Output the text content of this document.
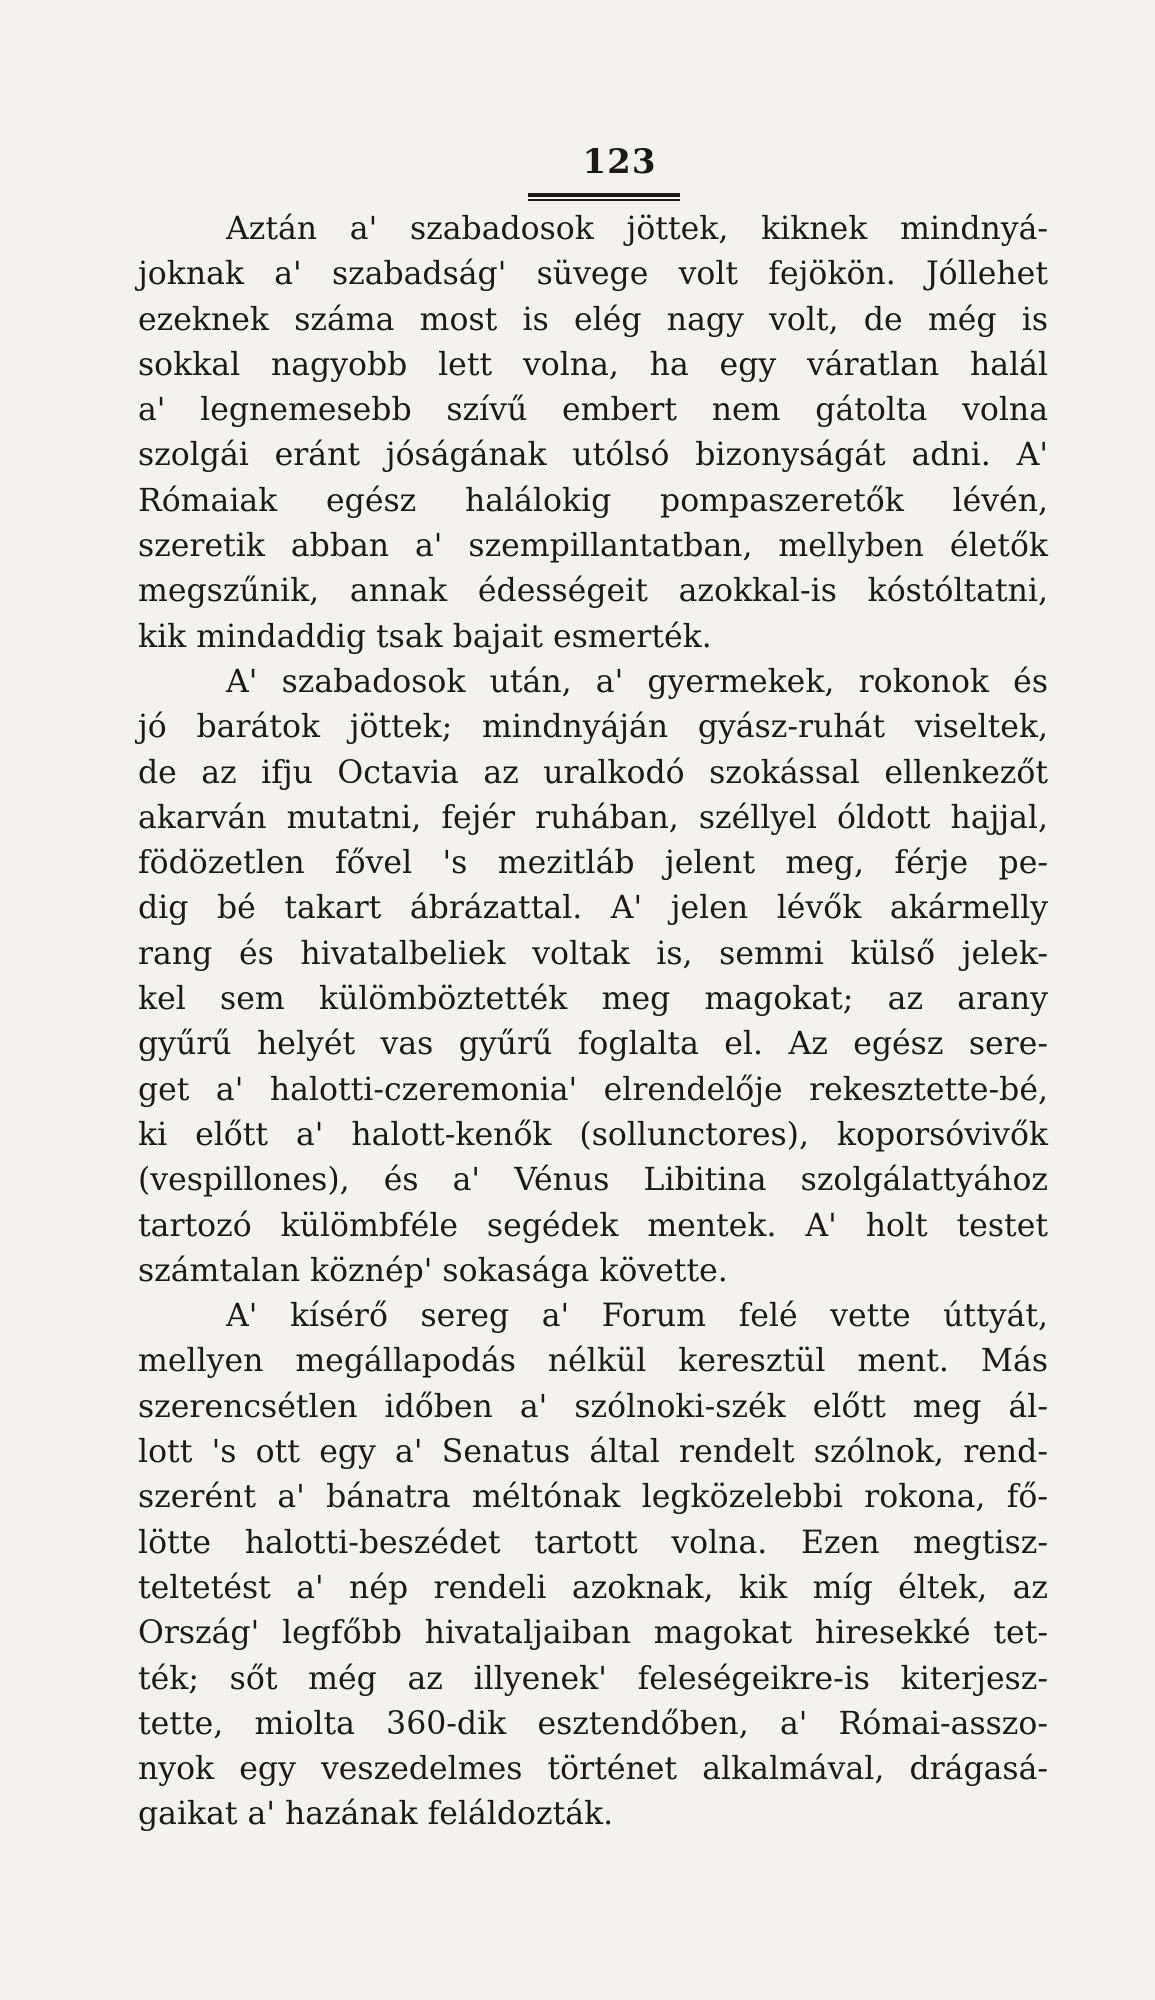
123
Aztán a' szabadosok jöttek, kiknek mindnyá-
joknak a' szabadság' süvege volt fejökön. Jóllehet
ezeknek száma most is elég nagy volt, de még is
sokkal nagyobb lett volna, ha egy váratlan halál
a' legnemesebb szívű embert nem gátolta volna
szolgái eránt jóságának utólsó bizonyságát adni. A'
Rómaiak egész halálokig pompaszeretők lévén,
szeretik abban a' szempillantatban, mellyben életők
megszűnik, annak édességeit azokkal-is kóstóltatni,
kik mindaddig tsak bajait esmerték.
A' szabadosok után, a' gyermekek, rokonok és
jó barátok jöttek; mindnyáján gyász-ruhát viseltek,
de az ifju Octavia az uralkodó szokással ellenkezőt
akarván mutatni, fejér ruhában, széllyel óldott hajjal,
födözetlen fővel 's mezitláb jelent meg, férje pe-
dig bé takart ábrázattal. A' jelen lévők akármelly
rang és hivatalbeliek voltak is, semmi külső jelek-
kel sem külömböztették meg magokat; az arany
gyűrű helyét vas gyűrű foglalta el. Az egész sere-
get a' halotti-czeremonia' elrendelője rekesztette-bé,
ki előtt a' halott-kenők (sollunctores), koporsóvivők
(vespillones), és a' Vénus Libitina szolgálattyához
tartozó külömbféle segédek mentek. A' holt testet
számtalan köznép' sokasága követte.
A' kísérő sereg a' Forum felé vette úttyát,
mellyen megállapodás nélkül keresztül ment. Más
szerencsétlen időben a' szólnoki-szék előtt meg ál-
lott 's ott egy a' Senatus által rendelt szólnok, rend-
szerént a' bánatra méltónak legközelebbi rokona, fő-
lötte halotti-beszédet tartott volna. Ezen megtisz-
teltetést a' nép rendeli azoknak, kik míg éltek, az
Ország' legfőbb hivataljaiban magokat hiresekké tet-
ték; sőt még az illyenek' feleségeikre-is kiterjesz-
tette, miolta 360-dik esztendőben, a' Római-asszo-
nyok egy veszedelmes történet alkalmával, drágasá-
gaikat a' hazának feláldozták.
